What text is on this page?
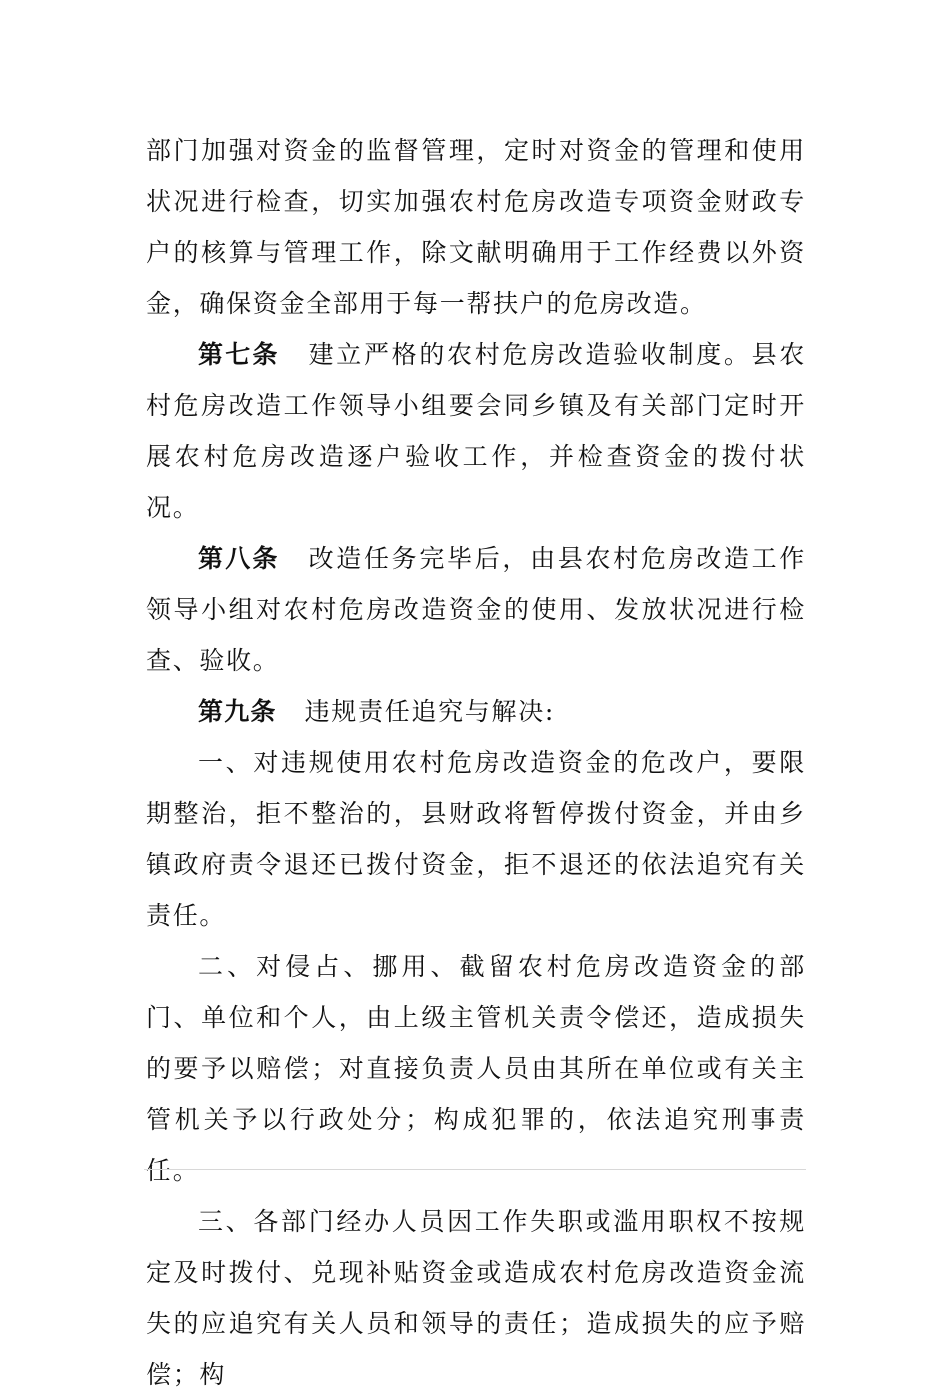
部门加强对资金的监督管理，定时对资金的管理和使用状况进行检查，切实加强农村危房改造专项资金财政专户的核算与管理工作，除文献明确用于工作经费以外资金，确保资金全部用于每一帮扶户的危房改造。

第七条 建立严格的农村危房改造验收制度。县农村危房改造工作领导小组要会同乡镇及有关部门定时开展农村危房改造逐户验收工作，并检查资金的拨付状况。

第八条 改造任务完毕后，由县农村危房改造工作领导小组对农村危房改造资金的使用、发放状况进行检查、验收。

第九条 违规责任追究与解决:

一、对违规使用农村危房改造资金的危改户，要限期整治，拒不整治的，县财政将暂停拨付资金，并由乡镇政府责令退还已拨付资金，拒不退还的依法追究有关责任。

二、对侵占、挪用、截留农村危房改造资金的部门、单位和个人，由上级主管机关责令偿还，造成损失的要予以赔偿；对直接负责人员由其所在单位或有关主管机关予以行政处分；构成犯罪的，依法追究刑事责任。

三、各部门经办人员因工作失职或滥用职权不按规定及时拨付、兑现补贴资金或造成农村危房改造资金流失的应追究有关人员和领导的责任；造成损失的应予赔偿；构
